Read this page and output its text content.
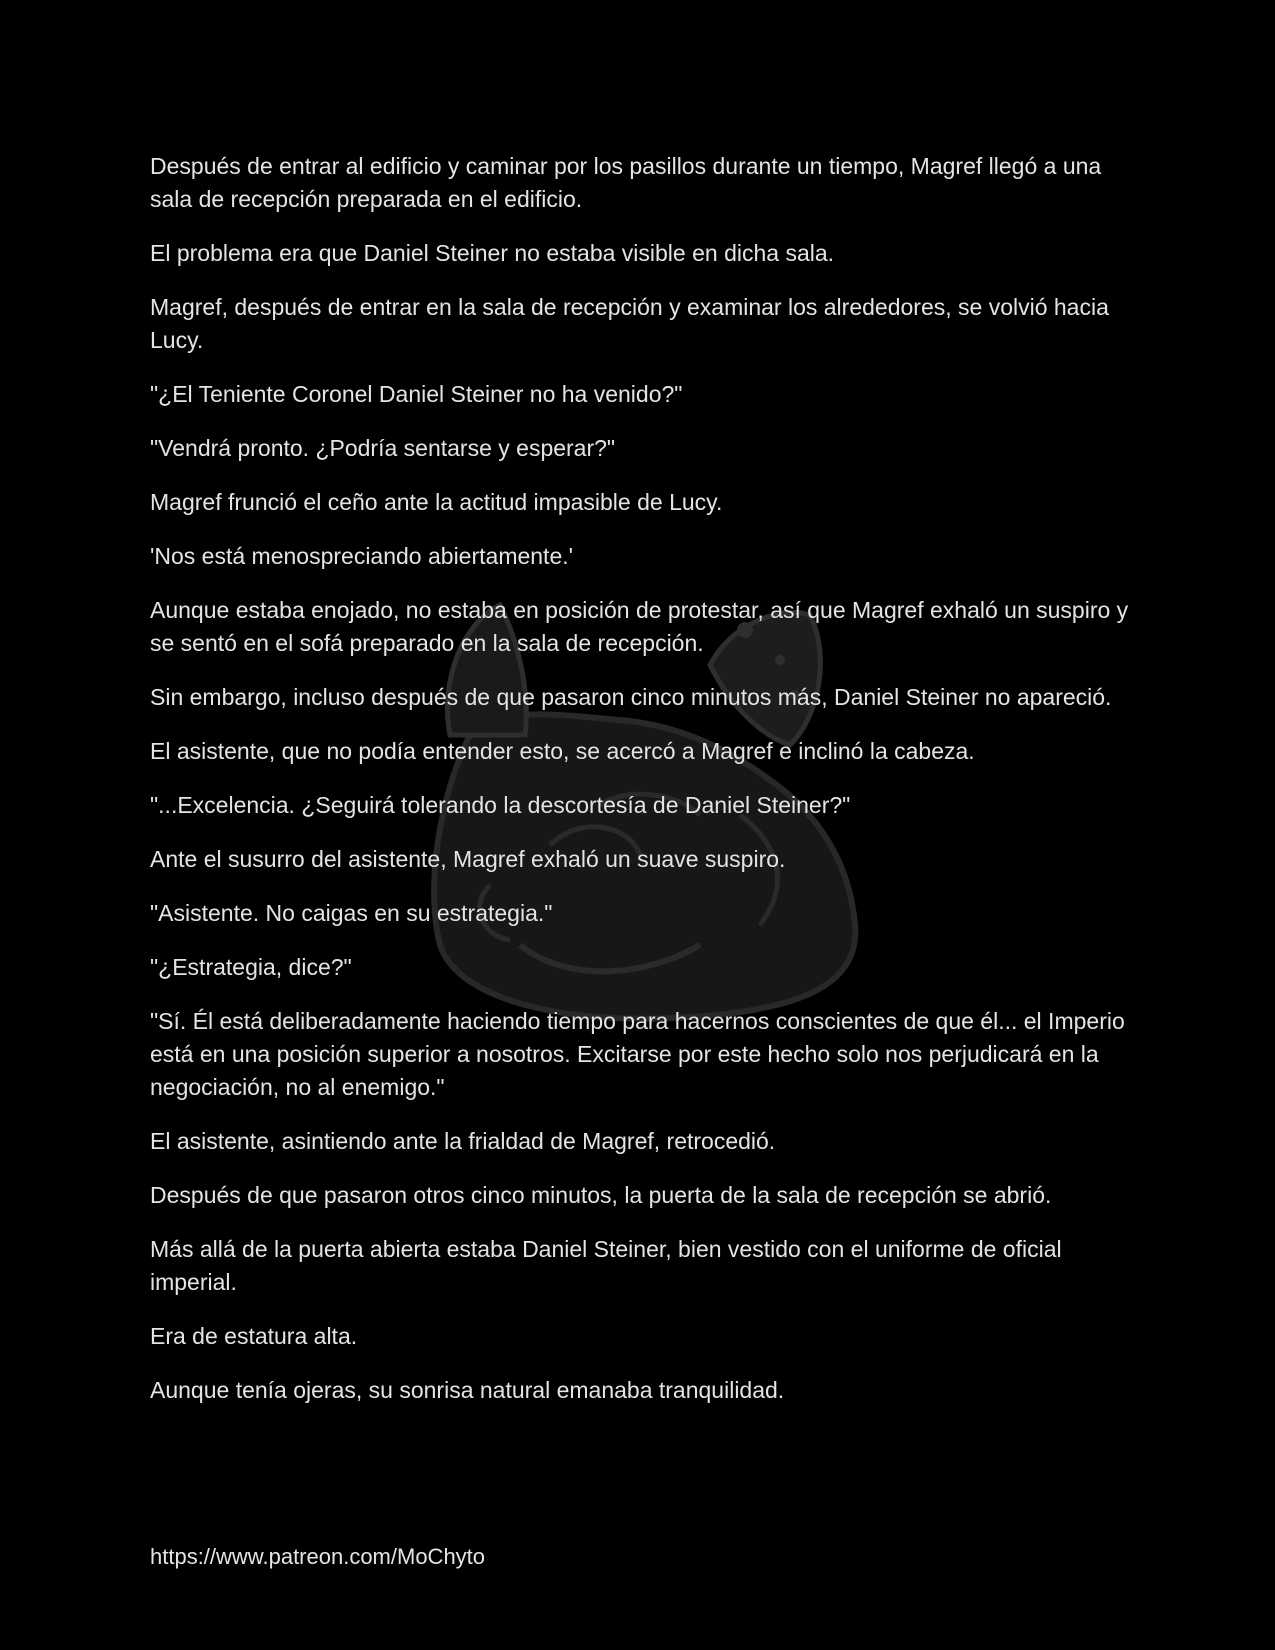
Después de entrar al edificio y caminar por los pasillos durante un tiempo, Magref llegó a una sala de recepción preparada en el edificio.

El problema era que Daniel Steiner no estaba visible en dicha sala.

Magref, después de entrar en la sala de recepción y examinar los alrededores, se volvió hacia Lucy.

"¿El Teniente Coronel Daniel Steiner no ha venido?"

"Vendrá pronto. ¿Podría sentarse y esperar?"

Magref frunció el ceño ante la actitud impasible de Lucy.

'Nos está menospreciando abiertamente.'

Aunque estaba enojado, no estaba en posición de protestar, así que Magref exhaló un suspiro y se sentó en el sofá preparado en la sala de recepción.

Sin embargo, incluso después de que pasaron cinco minutos más, Daniel Steiner no apareció.

El asistente, que no podía entender esto, se acercó a Magref e inclinó la cabeza.

"...Excelencia. ¿Seguirá tolerando la descortesía de Daniel Steiner?"

Ante el susurro del asistente, Magref exhaló un suave suspiro.

"Asistente. No caigas en su estrategia."

"¿Estrategia, dice?"

"Sí. Él está deliberadamente haciendo tiempo para hacernos conscientes de que él... el Imperio está en una posición superior a nosotros. Excitarse por este hecho solo nos perjudicará en la negociación, no al enemigo."

El asistente, asintiendo ante la frialdad de Magref, retrocedió.

Después de que pasaron otros cinco minutos, la puerta de la sala de recepción se abrió.

Más allá de la puerta abierta estaba Daniel Steiner, bien vestido con el uniforme de oficial imperial.

Era de estatura alta.

Aunque tenía ojeras, su sonrisa natural emanaba tranquilidad.

https://www.patreon.com/MoChyto
